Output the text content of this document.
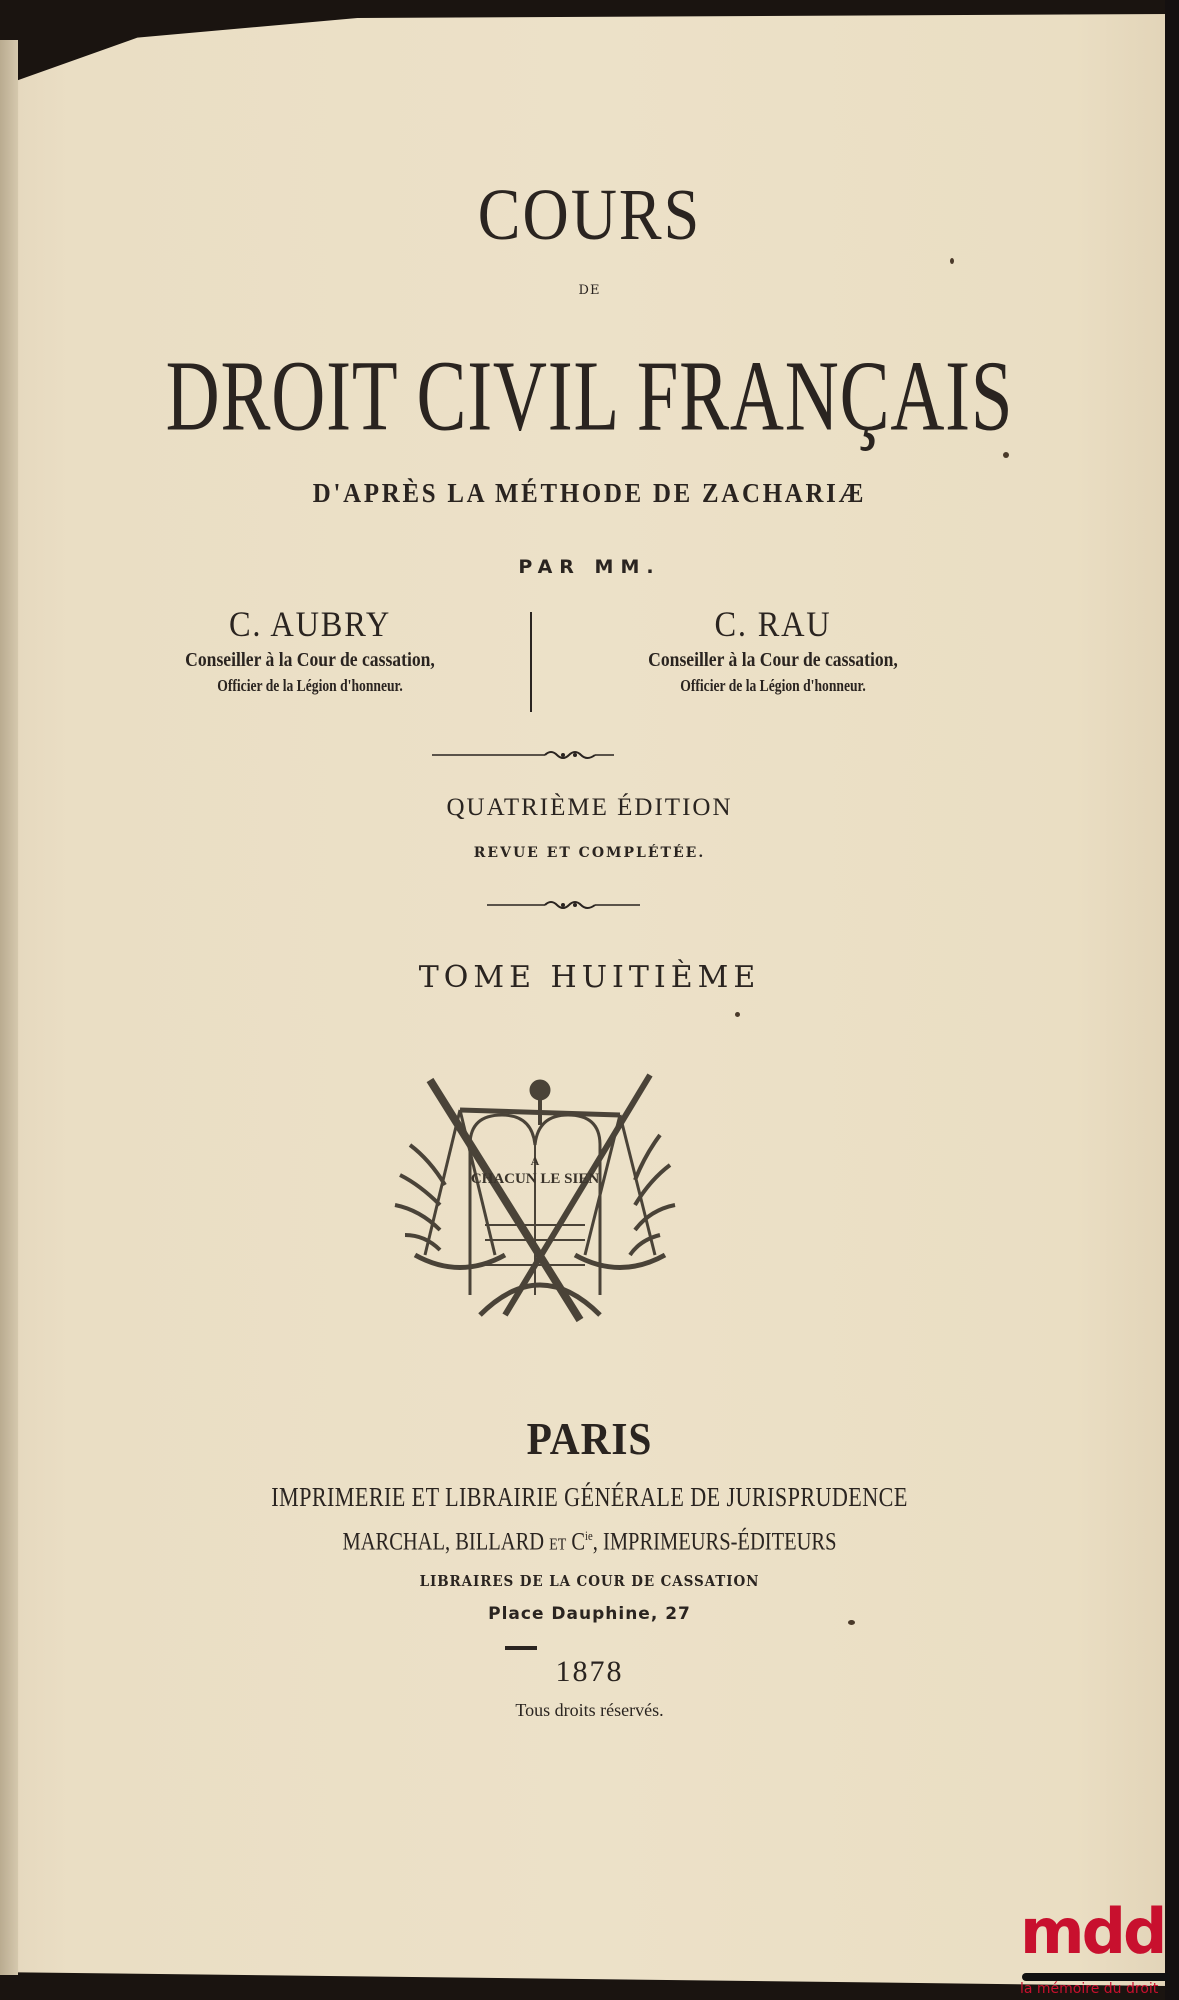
COURS
DE
DROIT CIVIL FRANÇAIS
D'APRÈS LA MÉTHODE DE ZACHARIÆ
PAR MM.
C. AUBRY
Conseiller à la Cour de cassation,
Officier de la Légion d'honneur.
C. RAU
Conseiller à la Cour de cassation,
Officier de la Légion d'honneur.
QUATRIÈME ÉDITION
REVUE ET COMPLÉTÉE.
TOME HUITIÈME
A
CHACUN LE SIEN
PARIS
IMPRIMERIE ET LIBRAIRIE GÉNÉRALE DE JURISPRUDENCE
MARCHAL, BILLARD ET $C^{ie}$, IMPRIMEURS-ÉDITEURS
LIBRAIRES DE LA COUR DE CASSATION
Place Dauphine, 27
1878
Tous droits réservés.
mdd
la mémoire du droit
